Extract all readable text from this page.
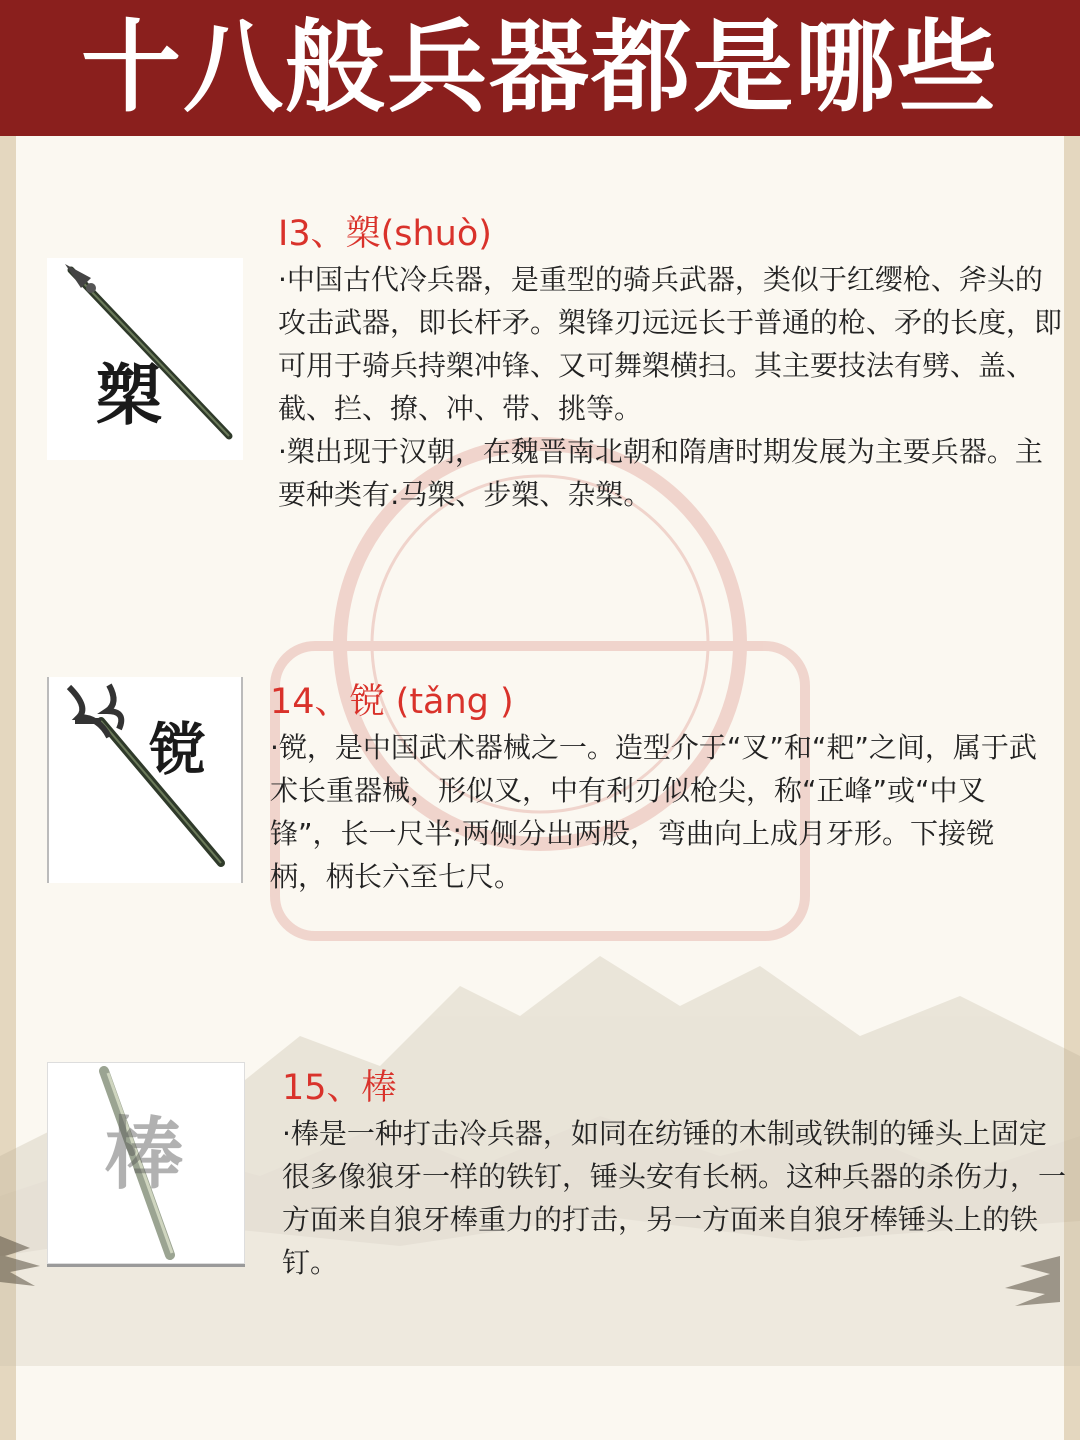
十八般兵器都是哪些
槊
镋
棒
I3、槊(shuò)

·中国古代冷兵器，是重型的骑兵武器，类似于红缨枪、斧头的攻击武器，即长杆矛。槊锋刃远远长于普通的枪、矛的长度，即可用于骑兵持槊冲锋、又可舞槊横扫。其主要技法有劈、盖、截、拦、撩、冲、带、挑等。

·槊出现于汉朝，在魏晋南北朝和隋唐时期发展为主要兵器。主要种类有:马槊、步槊、杂槊。

14、镋 (tǎng )

·镋，是中国武术器械之一。造型介于“叉”和“耙”之间，属于武术长重器械，形似叉，中有利刃似枪尖，称“正峰”或“中叉锋”，长一尺半;两侧分出两股，弯曲向上成月牙形。下接镋柄，柄长六至七尺。

15、棒

·棒是一种打击冷兵器，如同在纺锤的木制或铁制的锤头上固定很多像狼牙一样的铁钉，锤头安有长柄。这种兵器的杀伤力，一方面来自狼牙棒重力的打击，另一方面来自狼牙棒锤头上的铁钉。
